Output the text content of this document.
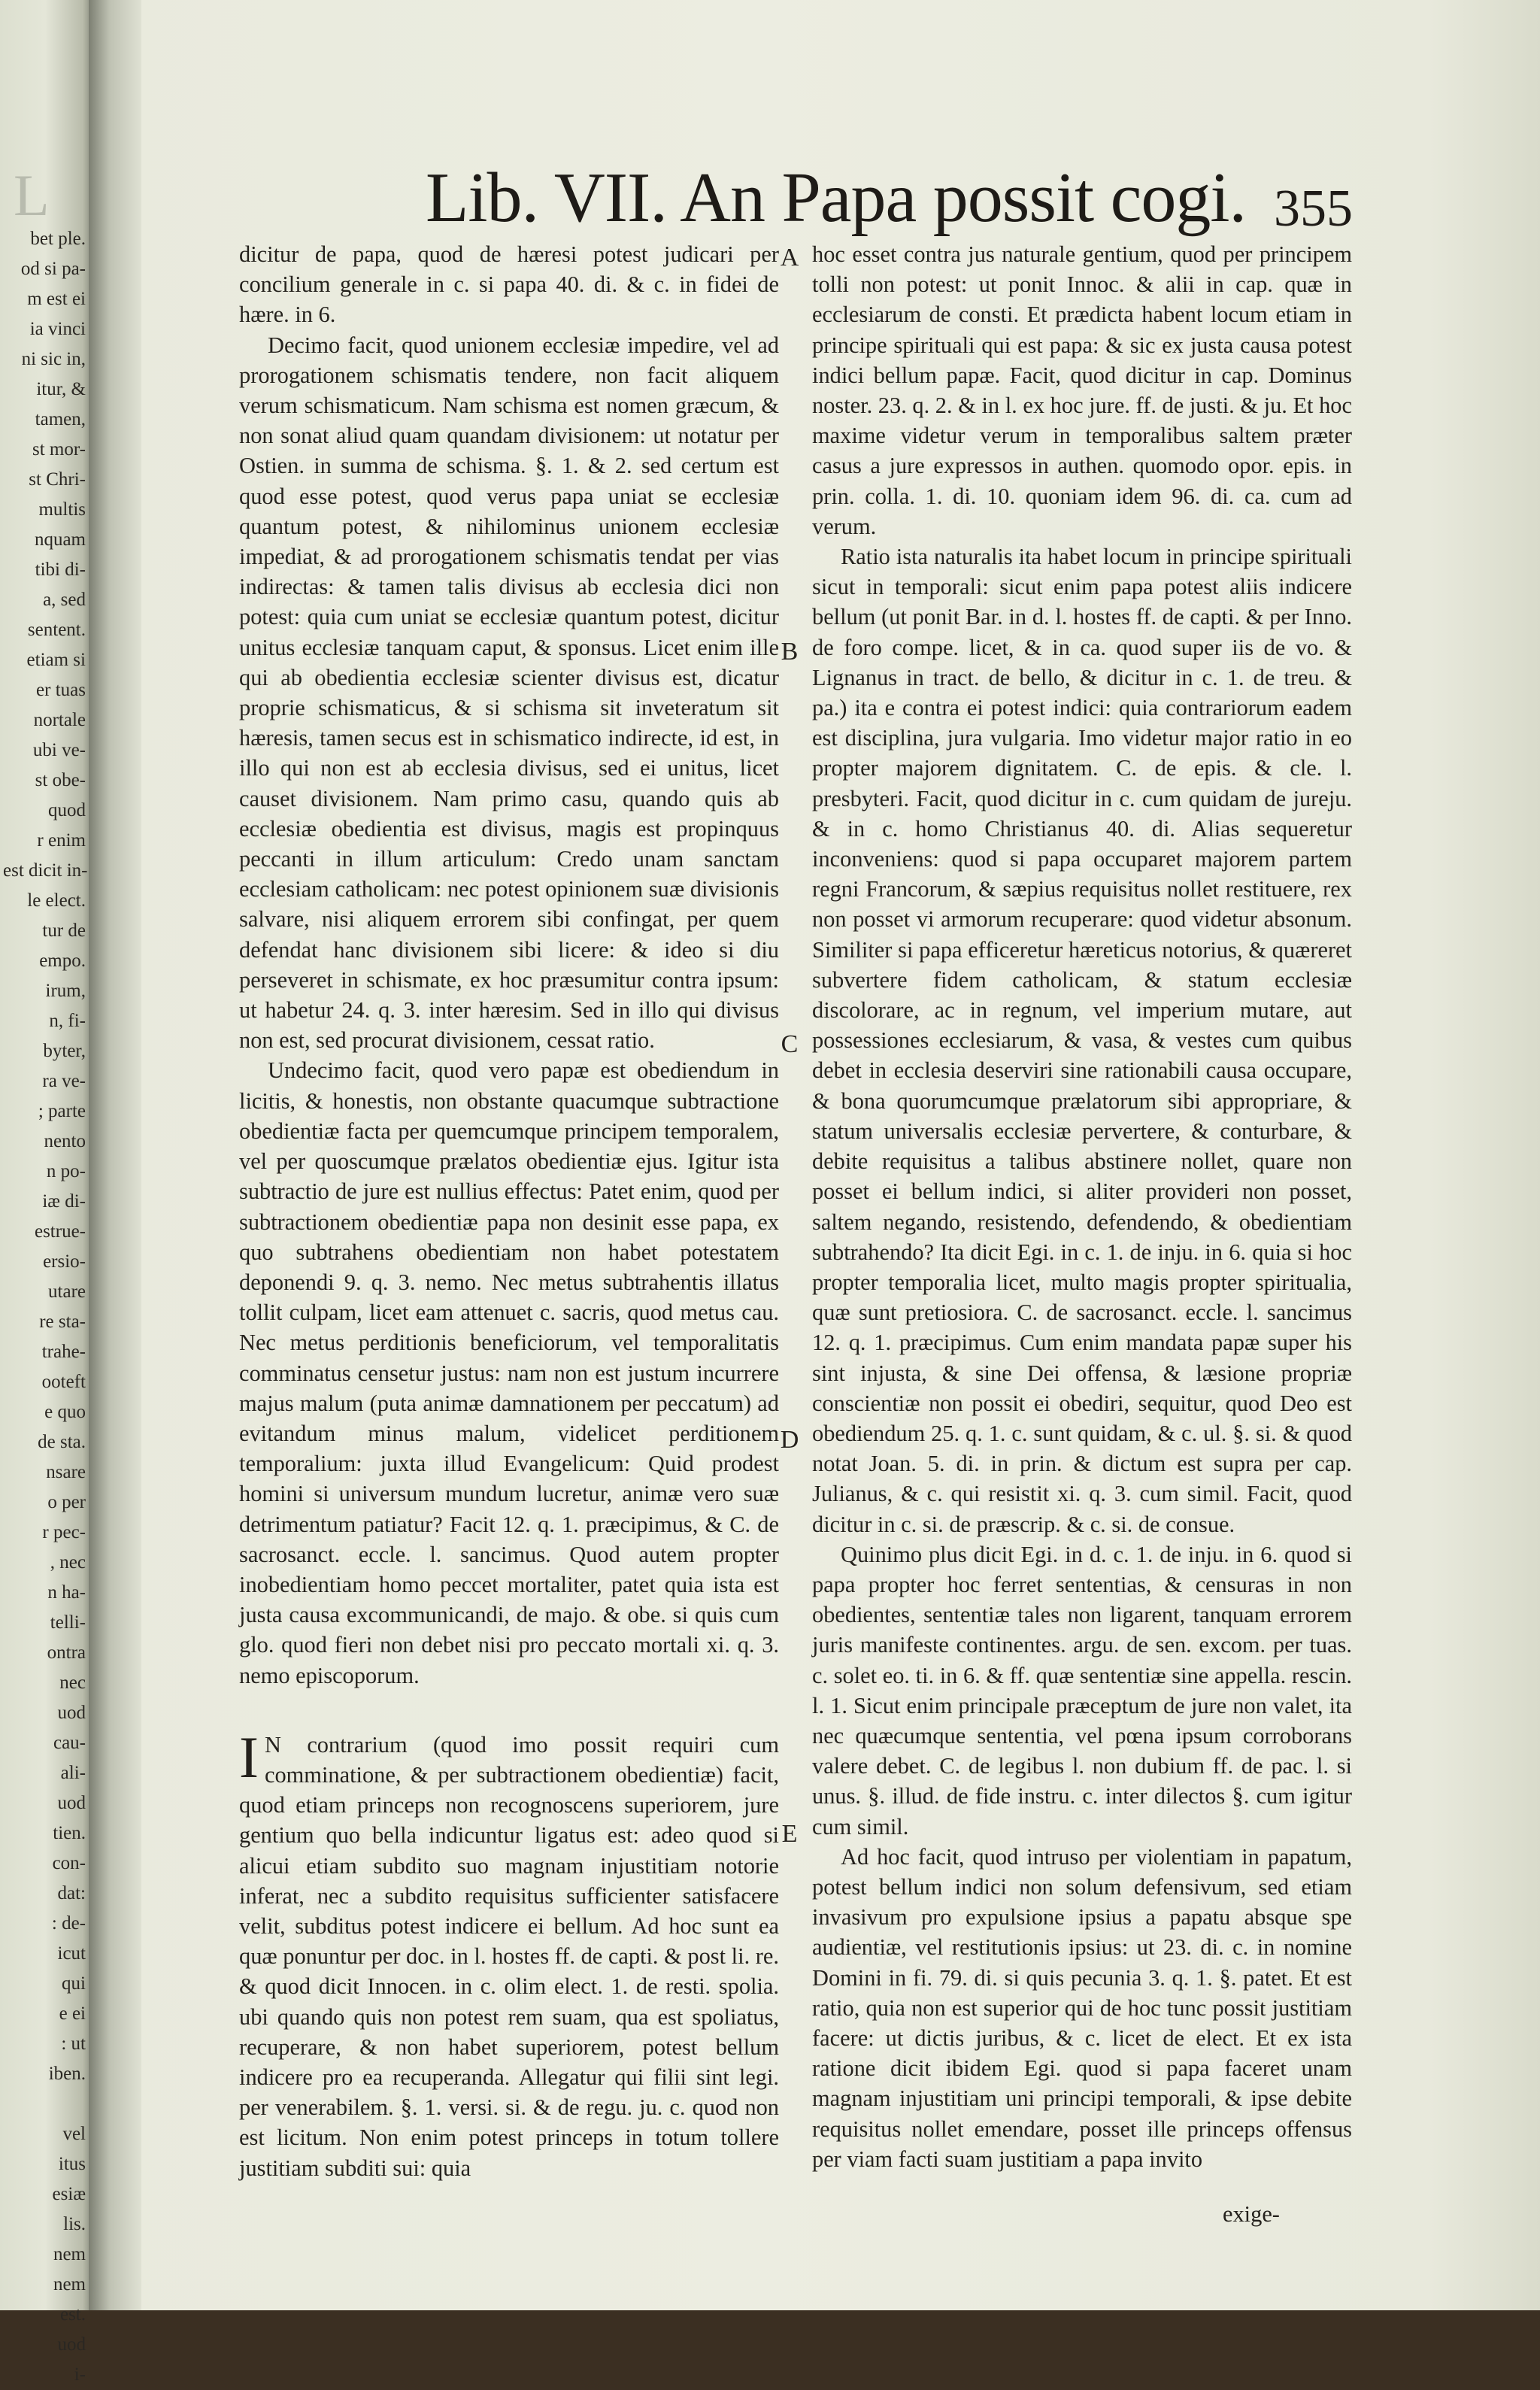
L
bet ple.
od si pa-
m est ei
ia vinci
ni sic in,
itur, &
tamen,
st mor-
st Chri-
multis
nquam
tibi di-
a, sed
sentent.
etiam si
er tuas
nortale
ubi ve-
st obe-
quod
r enim
est dicit in-
le elect.
tur de
empo.
irum,
n, fi-
byter,
ra ve-
; parte
nento
n po-
iæ di-
estrue-
ersio-
utare
re sta-
trahe-
ooteft
e quo
de sta.
nsare
o per
r pec-
, nec
n ha-
telli-
ontra
nec
uod
cau-
ali-
uod
tien.
con-
dat:
: de-
icut
qui
e ei
: ut
iben.
vel
itus
esiæ
lis.
nem
nem
est.
uod
i-
Lib. VII. An Papa possit cogi. 355

dicitur de papa, quod de hæresi potest judicari per concilium generale in c. si papa 40. di. & c. in fidei de hære. in 6.

Decimo facit, quod unionem ecclesiæ impedire, vel ad prorogationem schismatis tendere, non facit aliquem verum schismaticum. Nam schisma est nomen græcum, & non sonat aliud quam quandam divisionem: ut notatur per Ostien. in summa de schisma. §. 1. & 2. sed certum est quod esse potest, quod verus papa uniat se ecclesiæ quantum potest, & nihilominus unionem ecclesiæ impediat, & ad prorogationem schismatis tendat per vias indirectas: & tamen talis divisus ab ecclesia dici non potest: quia cum uniat se ecclesiæ quantum potest, dicitur unitus ecclesiæ tanquam caput, & sponsus. Licet enim ille qui ab obedientia ecclesiæ scienter divisus est, dicatur proprie schismaticus, & si schisma sit inveteratum sit hæresis, tamen secus est in schismatico indirecte, id est, in illo qui non est ab ecclesia divisus, sed ei unitus, licet causet divisionem. Nam primo casu, quando quis ab ecclesiæ obedientia est divisus, magis est propinquus peccanti in illum articulum: Credo unam sanctam ecclesiam catholicam: nec potest opinionem suæ divisionis salvare, nisi aliquem errorem sibi confingat, per quem defendat hanc divisionem sibi licere: & ideo si diu perseveret in schismate, ex hoc præsumitur contra ipsum: ut habetur 24. q. 3. inter hæresim. Sed in illo qui divisus non est, sed procurat divisionem, cessat ratio.

Undecimo facit, quod vero papæ est obediendum in licitis, & honestis, non obstante quacumque subtractione obedientiæ facta per quemcumque principem temporalem, vel per quoscumque prælatos obedientiæ ejus. Igitur ista subtractio de jure est nullius effectus: Patet enim, quod per subtractionem obedientiæ papa non desinit esse papa, ex quo subtrahens obedientiam non habet potestatem deponendi 9. q. 3. nemo. Nec metus subtrahentis illatus tollit culpam, licet eam attenuet c. sacris, quod metus cau. Nec metus perditionis beneficiorum, vel temporalitatis comminatus censetur justus: nam non est justum incurrere majus malum (puta animæ damnationem per peccatum) ad evitandum minus malum, videlicet perditionem temporalium: juxta illud Evangelicum: Quid prodest homini si universum mundum lucretur, animæ vero suæ detrimentum patiatur? Facit 12. q. 1. præcipimus, & C. de sacrosanct. eccle. l. sancimus. Quod autem propter inobedientiam homo peccet mortaliter, patet quia ista est justa causa excommunicandi, de majo. & obe. si quis cum glo. quod fieri non debet nisi pro peccato mortali xi. q. 3. nemo episcoporum.

I N contrarium (quod imo possit requiri cum comminatione, & per subtractionem obedientiæ) facit, quod etiam princeps non recognoscens superiorem, jure gentium quo bella indicuntur ligatus est: adeo quod si alicui etiam subdito suo magnam injustitiam notorie inferat, nec a subdito requisitus sufficienter satisfacere velit, subditus potest indicere ei bellum. Ad hoc sunt ea quæ ponuntur per doc. in l. hostes ff. de capti. & post li. re. & quod dicit Innocen. in c. olim elect. 1. de resti. spolia. ubi quando quis non potest rem suam, qua est spoliatus, recuperare, & non habet superiorem, potest bellum indicere pro ea recuperanda. Allegatur qui filii sint legi. per venerabilem. §. 1. versi. si. & de regu. ju. c. quod non est licitum. Non enim potest princeps in totum tollere justitiam subditi sui: quia

A
B
C
D
E

hoc esset contra jus naturale gentium, quod per principem tolli non potest: ut ponit Innoc. & alii in cap. quæ in ecclesiarum de consti. Et prædicta habent locum etiam in principe spirituali qui est papa: & sic ex justa causa potest indici bellum papæ. Facit, quod dicitur in cap. Dominus noster. 23. q. 2. & in l. ex hoc jure. ff. de justi. & ju. Et hoc maxime videtur verum in temporalibus saltem præter casus a jure expressos in authen. quomodo opor. epis. in prin. colla. 1. di. 10. quoniam idem 96. di. ca. cum ad verum.

Ratio ista naturalis ita habet locum in principe spirituali sicut in temporali: sicut enim papa potest aliis indicere bellum (ut ponit Bar. in d. l. hostes ff. de capti. & per Inno. de foro compe. licet, & in ca. quod super iis de vo. & Lignanus in tract. de bello, & dicitur in c. 1. de treu. & pa.) ita e contra ei potest indici: quia contrariorum eadem est disciplina, jura vulgaria. Imo videtur major ratio in eo propter majorem dignitatem. C. de epis. & cle. l. presbyteri. Facit, quod dicitur in c. cum quidam de jureju. & in c. homo Christianus 40. di. Alias sequeretur inconveniens: quod si papa occuparet majorem partem regni Francorum, & sæpius requisitus nollet restituere, rex non posset vi armorum recuperare: quod videtur absonum. Similiter si papa efficeretur hæreticus notorius, & quæreret subvertere fidem catholicam, & statum ecclesiæ discolorare, ac in regnum, vel imperium mutare, aut possessiones ecclesiarum, & vasa, & vestes cum quibus debet in ecclesia deserviri sine rationabili causa occupare, & bona quorumcumque prælatorum sibi appropriare, & statum universalis ecclesiæ pervertere, & conturbare, & debite requisitus a talibus abstinere nollet, quare non posset ei bellum indici, si aliter provideri non posset, saltem negando, resistendo, defendendo, & obedientiam subtrahendo? Ita dicit Egi. in c. 1. de inju. in 6. quia si hoc propter temporalia licet, multo magis propter spiritualia, quæ sunt pretiosiora. C. de sacrosanct. eccle. l. sancimus 12. q. 1. præcipimus. Cum enim mandata papæ super his sint injusta, & sine Dei offensa, & læsione propriæ conscientiæ non possit ei obediri, sequitur, quod Deo est obediendum 25. q. 1. c. sunt quidam, & c. ul. §. si. & quod notat Joan. 5. di. in prin. & dictum est supra per cap. Julianus, & c. qui resistit xi. q. 3. cum simil. Facit, quod dicitur in c. si. de præscrip. & c. si. de consue.

Quinimo plus dicit Egi. in d. c. 1. de inju. in 6. quod si papa propter hoc ferret sententias, & censuras in non obedientes, sententiæ tales non ligarent, tanquam errorem juris manifeste continentes. argu. de sen. excom. per tuas. c. solet eo. ti. in 6. & ff. quæ sententiæ sine appella. rescin. l. 1. Sicut enim principale præceptum de jure non valet, ita nec quæcumque sententia, vel pœna ipsum corroborans valere debet. C. de legibus l. non dubium ff. de pac. l. si unus. §. illud. de fide instru. c. inter dilectos §. cum igitur cum simil.

Ad hoc facit, quod intruso per violentiam in papatum, potest bellum indici non solum defensivum, sed etiam invasivum pro expulsione ipsius a papatu absque spe audientiæ, vel restitutionis ipsius: ut 23. di. c. in nomine Domini in fi. 79. di. si quis pecunia 3. q. 1. §. patet. Et est ratio, quia non est superior qui de hoc tunc possit justitiam facere: ut dictis juribus, & c. licet de elect. Et ex ista ratione dicit ibidem Egi. quod si papa faceret unam magnam injustitiam uni principi temporali, & ipse debite requisitus nollet emendare, posset ille princeps offensus per viam facti suam justitiam a papa invito

exige-
